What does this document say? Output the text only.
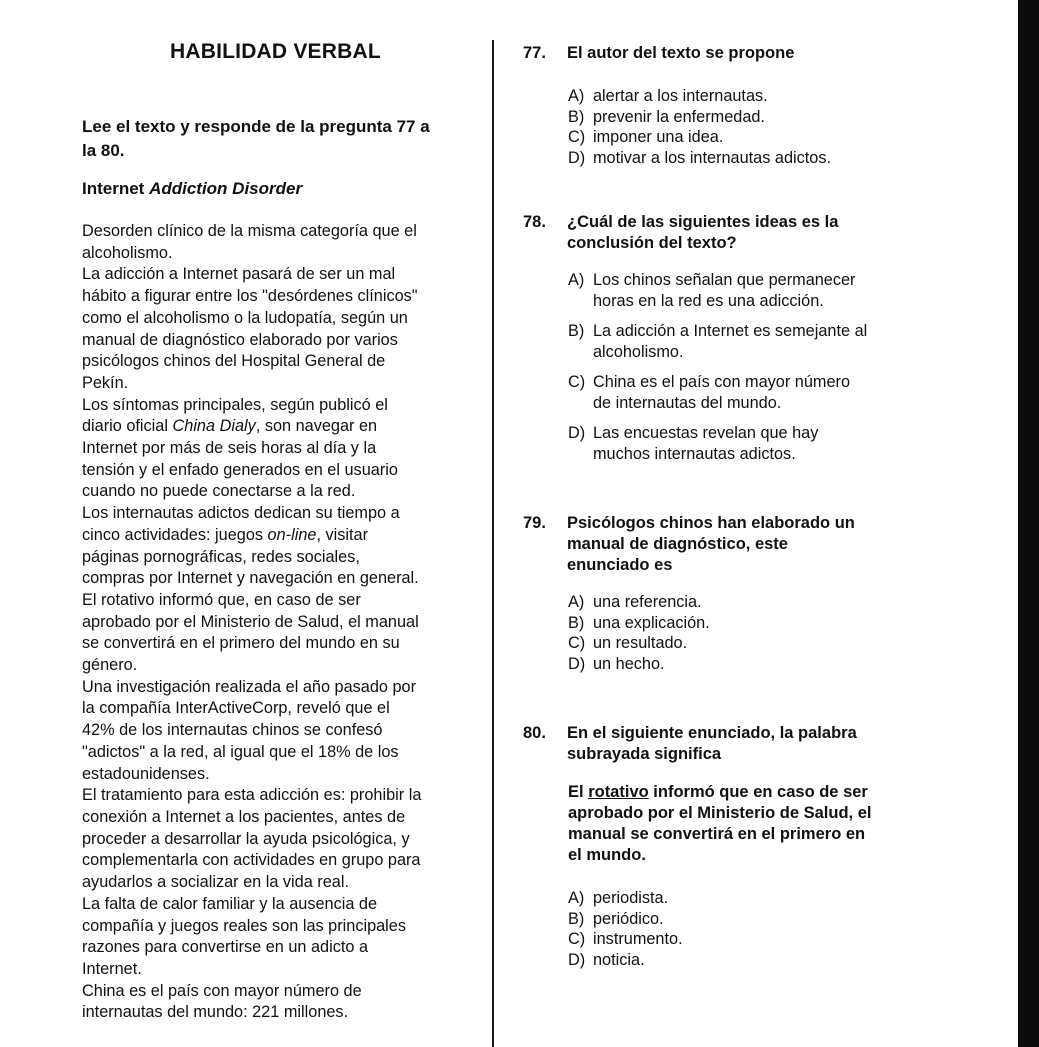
HABILIDAD VERBAL
Lee el texto y responde de la pregunta 77 a
la 80.
Internet Addiction Disorder
Desorden clínico de la misma categoría que el
alcoholismo.
La adicción a Internet pasará de ser un mal
hábito a figurar entre los "desórdenes clínicos"
como el alcoholismo o la ludopatía, según un
manual de diagnóstico elaborado por varios
psicólogos chinos del Hospital General de
Pekín.
Los síntomas principales, según publicó el
diario oficial China Dialy, son navegar en
Internet por más de seis horas al día y la
tensión y el enfado generados en el usuario
cuando no puede conectarse a la red.
Los internautas adictos dedican su tiempo a
cinco actividades: juegos on-line, visitar
páginas pornográficas, redes sociales,
compras por Internet y navegación en general.
El rotativo informó que, en caso de ser
aprobado por el Ministerio de Salud, el manual
se convertirá en el primero del mundo en su
género.
Una investigación realizada el año pasado por
la compañía InterActiveCorp, reveló que el
42% de los internautas chinos se confesó
"adictos" a la red, al igual que el 18% de los
estadounidenses.
El tratamiento para esta adicción es: prohibir la
conexión a Internet a los pacientes, antes de
proceder a desarrollar la ayuda psicológica, y
complementarla con actividades en grupo para
ayudarlos a socializar en la vida real.
La falta de calor familiar y la ausencia de
compañía y juegos reales son las principales
razones para convertirse en un adicto a
Internet.
China es el país con mayor número de
internautas del mundo: 221 millones.
77.	El autor del texto se propone
A) alertar a los internautas.
B) prevenir la enfermedad.
C) imponer una idea.
D) motivar a los internautas adictos.
78.	¿Cuál de las siguientes ideas es la
conclusión del texto?
A) Los chinos señalan que permanecer
horas en la red es una adicción.
B) La adicción a Internet es semejante al
alcoholismo.
C) China es el país con mayor número
de internautas del mundo.
D) Las encuestas revelan que hay
muchos internautas adictos.
79.	Psicólogos chinos han elaborado un
manual de diagnóstico, este
enunciado es
A) una referencia.
B) una explicación.
C) un resultado.
D) un hecho.
80.	En el siguiente enunciado, la palabra
subrayada significa
El rotativo informó que en caso de ser
aprobado por el Ministerio de Salud, el
manual se convertirá en el primero en
el mundo.
A) periodista.
B) periódico.
C) instrumento.
D) noticia.
